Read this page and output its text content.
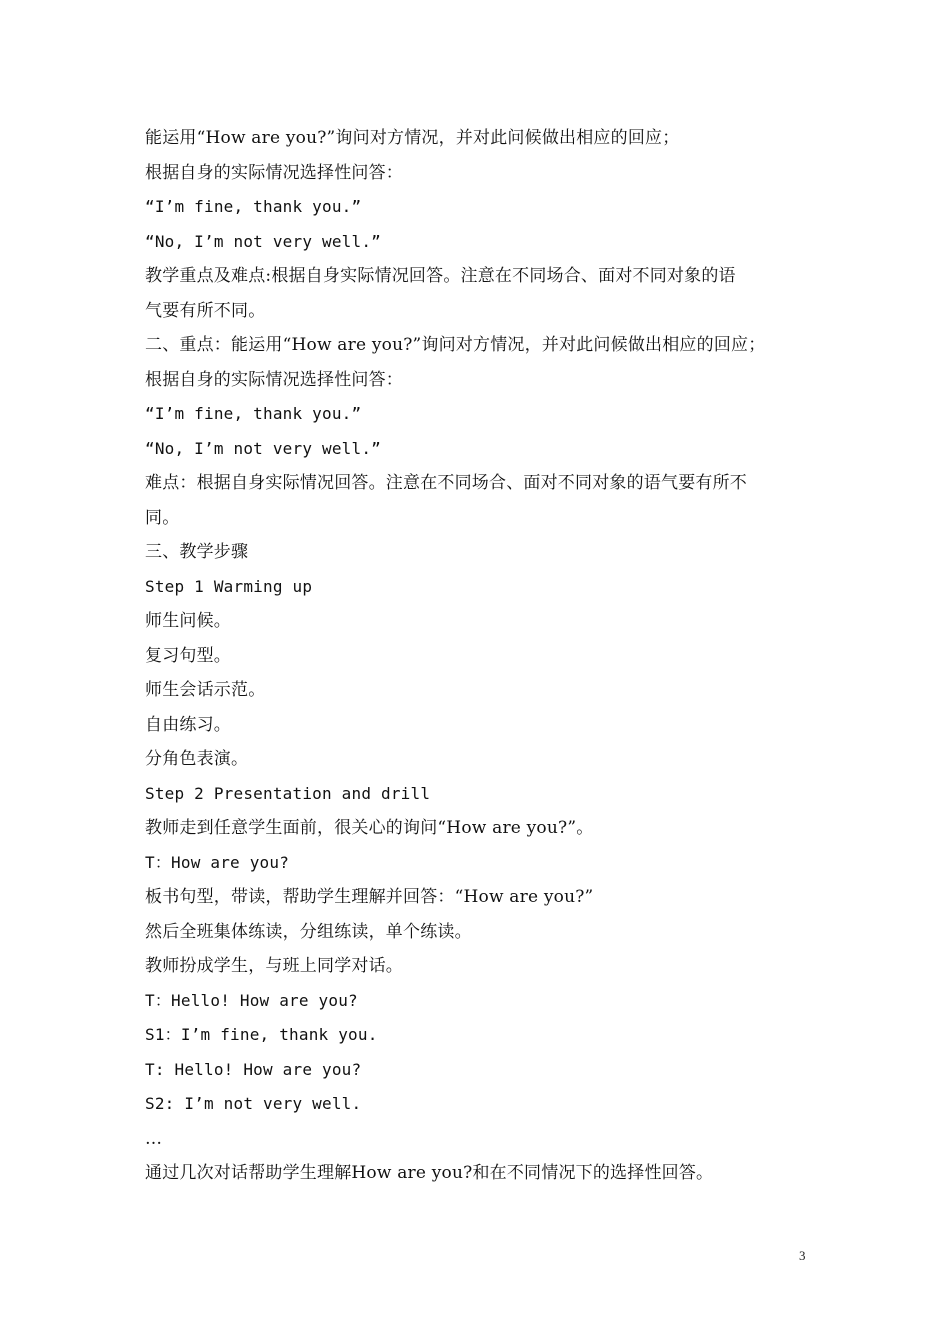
能运用“How are you?”询问对方情况，并对此问候做出相应的回应；
根据自身的实际情况选择性问答：
“I’m fine, thank you.”
“No, I’m not very well.”
教学重点及难点:根据自身实际情况回答。注意在不同场合、面对不同对象的语
气要有所不同。
二、重点：能运用“How are you?”询问对方情况，并对此问候做出相应的回应；
根据自身的实际情况选择性问答：
“I’m fine, thank you.”
“No, I’m not very well.”
难点：根据自身实际情况回答。注意在不同场合、面对不同对象的语气要有所不
同。
三、教学步骤
Step 1 Warming up
师生问候。
复习句型。
师生会话示范。
自由练习。
分角色表演。
Step 2 Presentation and drill
教师走到任意学生面前，很关心的询问“How are you?”。
T：How are you?
板书句型，带读，帮助学生理解并回答：“How are you?”
然后全班集体练读，分组练读，单个练读。
教师扮成学生，与班上同学对话。
T：Hello! How are you?
S1：I’m fine, thank you.
T: Hello! How are you?
S2: I’m not very well.
…
通过几次对话帮助学生理解How are you?和在不同情况下的选择性回答。
3
